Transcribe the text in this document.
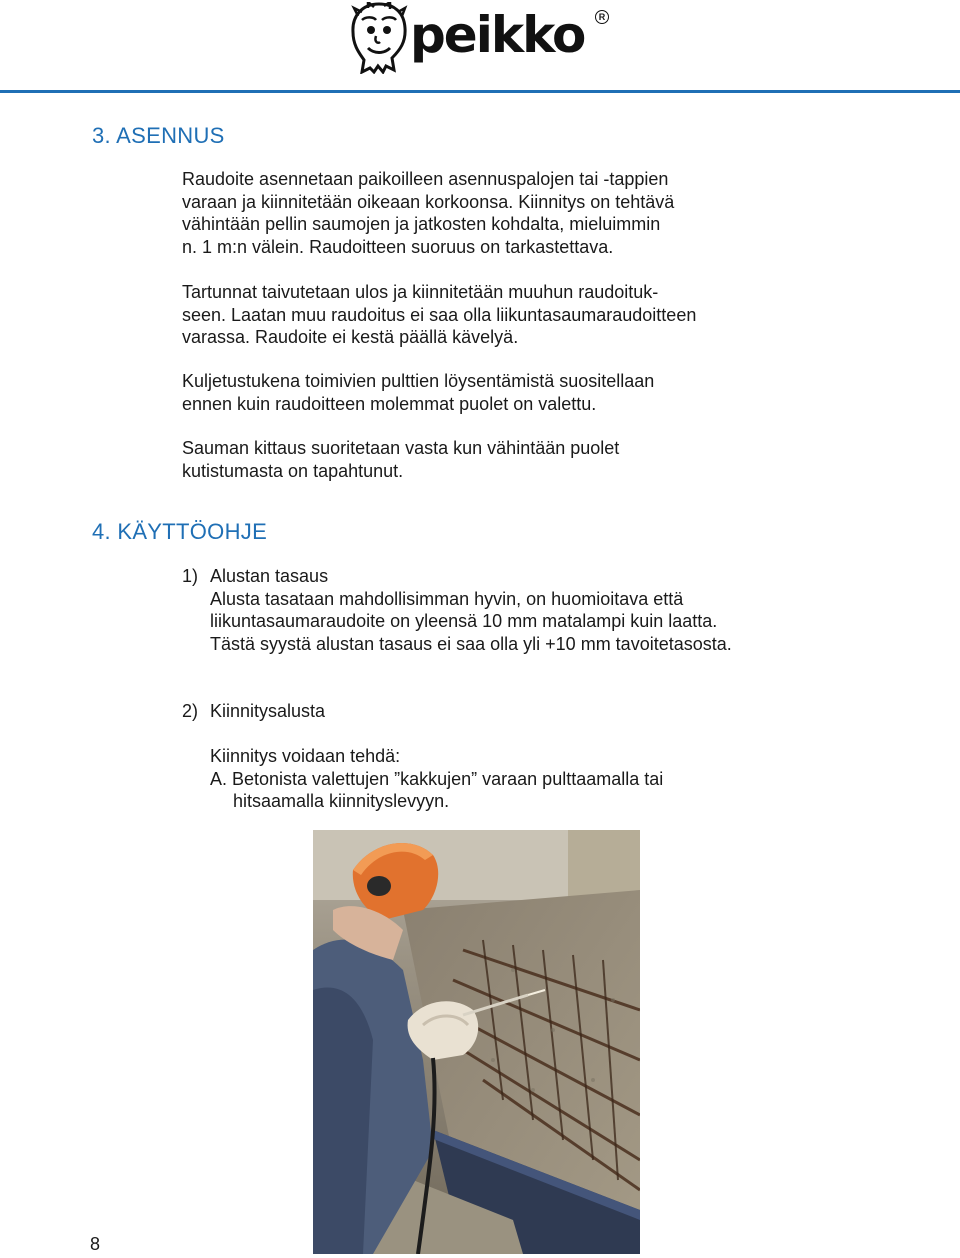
peikko	R
3. ASENNUS
Raudoite asennetaan paikoilleen asennuspalojen tai -tappien
varaan ja kiinnitetään oikeaan korkoonsa. Kiinnitys on tehtävä
vähintään pellin saumojen ja jatkosten kohdalta, mieluimmin
n. 1 m:n välein. Raudoitteen suoruus on tarkastettava.
Tartunnat taivutetaan ulos ja kiinnitetään muuhun raudoituk-
seen. Laatan muu raudoitus ei saa olla liikuntasaumaraudoitteen
varassa. Raudoite ei kestä päällä kävelyä.
Kuljetustukena toimivien pulttien löysentämistä suositellaan
ennen kuin raudoitteen molemmat puolet on valettu.
Sauman kittaus suoritetaan vasta kun vähintään puolet
kutistumasta on tapahtunut.
4. KÄYTTÖOHJE
1) Alustan tasaus
Alusta tasataan mahdollisimman hyvin, on huomioitava että
liikuntasaumaraudoite on yleensä 10 mm matalampi kuin laatta.
Tästä syystä alustan tasaus ei saa olla yli +10 mm tavoitetasosta.
2) Kiinnitysalusta
Kiinnitys voidaan tehdä:
A. Betonista valettujen ”kakkujen” varaan pulttaamalla tai
hitsaamalla kiinnityslevyyn.
8
